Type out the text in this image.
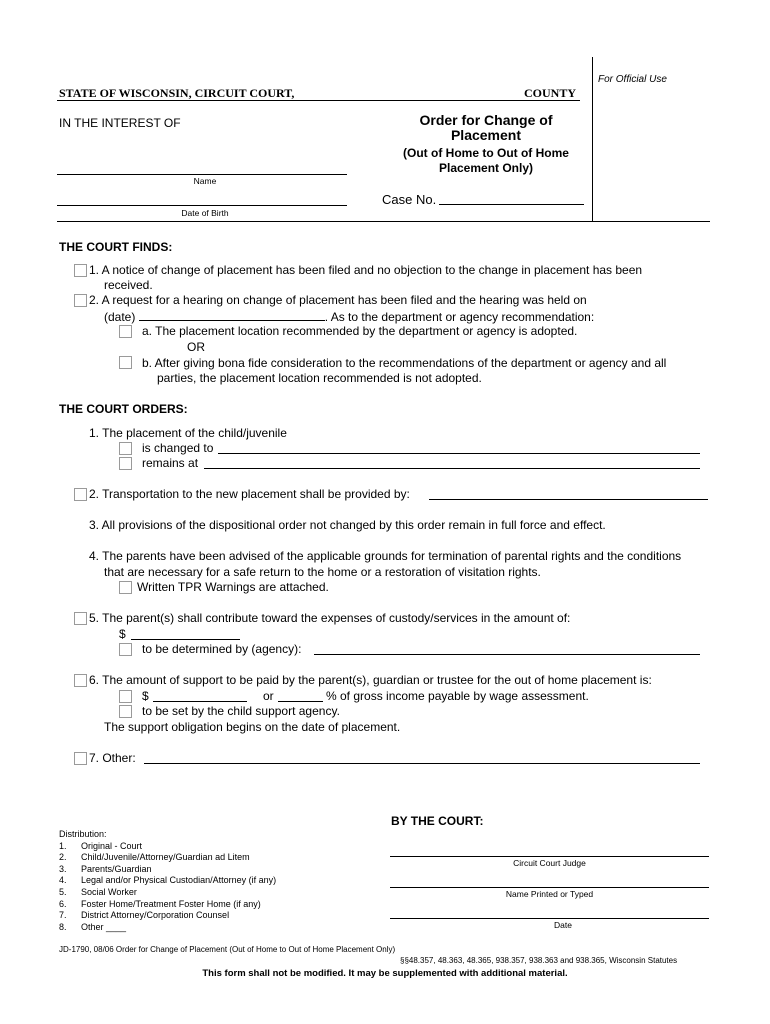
For Official Use
STATE OF WISCONSIN, CIRCUIT COURT,	COUNTY
IN THE INTEREST OF
Name
Date of Birth
Order for Change of
Placement
(Out of Home to Out of Home
Placement Only)
Case No.
THE COURT FINDS:
1. A notice of change of placement has been filed and no objection to the change in placement has been
received.
2. A request for a hearing on change of placement has been filed and the hearing was held on
(date)	. As to the department or agency recommendation:
a. The placement location recommended by the department or agency is adopted.
OR
b. After giving bona fide consideration to the recommendations of the department or agency and all
parties, the placement location recommended is not adopted.
THE COURT ORDERS:
1. The placement of the child/juvenile
is changed to
remains at
2. Transportation to the new placement shall be provided by:
3. All provisions of the dispositional order not changed by this order remain in full force and effect.
4. The parents have been advised of the applicable grounds for termination of parental rights and the conditions
that are necessary for a safe return to the home or a restoration of visitation rights.
Written TPR Warnings are attached.
5. The parent(s) shall contribute toward the expenses of custody/services in the amount of:
$
to be determined by (agency):
6. The amount of support to be paid by the parent(s), guardian or trustee for the out of home placement is:
$	or	% of gross income payable by wage assessment.
to be set by the child support agency.
The support obligation begins on the date of placement.
7. Other:
BY THE COURT:
Circuit Court Judge
Name Printed or Typed
Date
Distribution:
1. Original - Court
2. Child/Juvenile/Attorney/Guardian ad Litem
3. Parents/Guardian
4. Legal and/or Physical Custodian/Attorney (if any)
5. Social Worker
6. Foster Home/Treatment Foster Home (if any)
7. District Attorney/Corporation Counsel
8. Other ____
JD-1790, 08/06 Order for Change of Placement (Out of Home to Out of Home Placement Only)
§§48.357, 48.363, 48.365, 938.357, 938.363 and 938.365, Wisconsin Statutes
This form shall not be modified. It may be supplemented with additional material.
